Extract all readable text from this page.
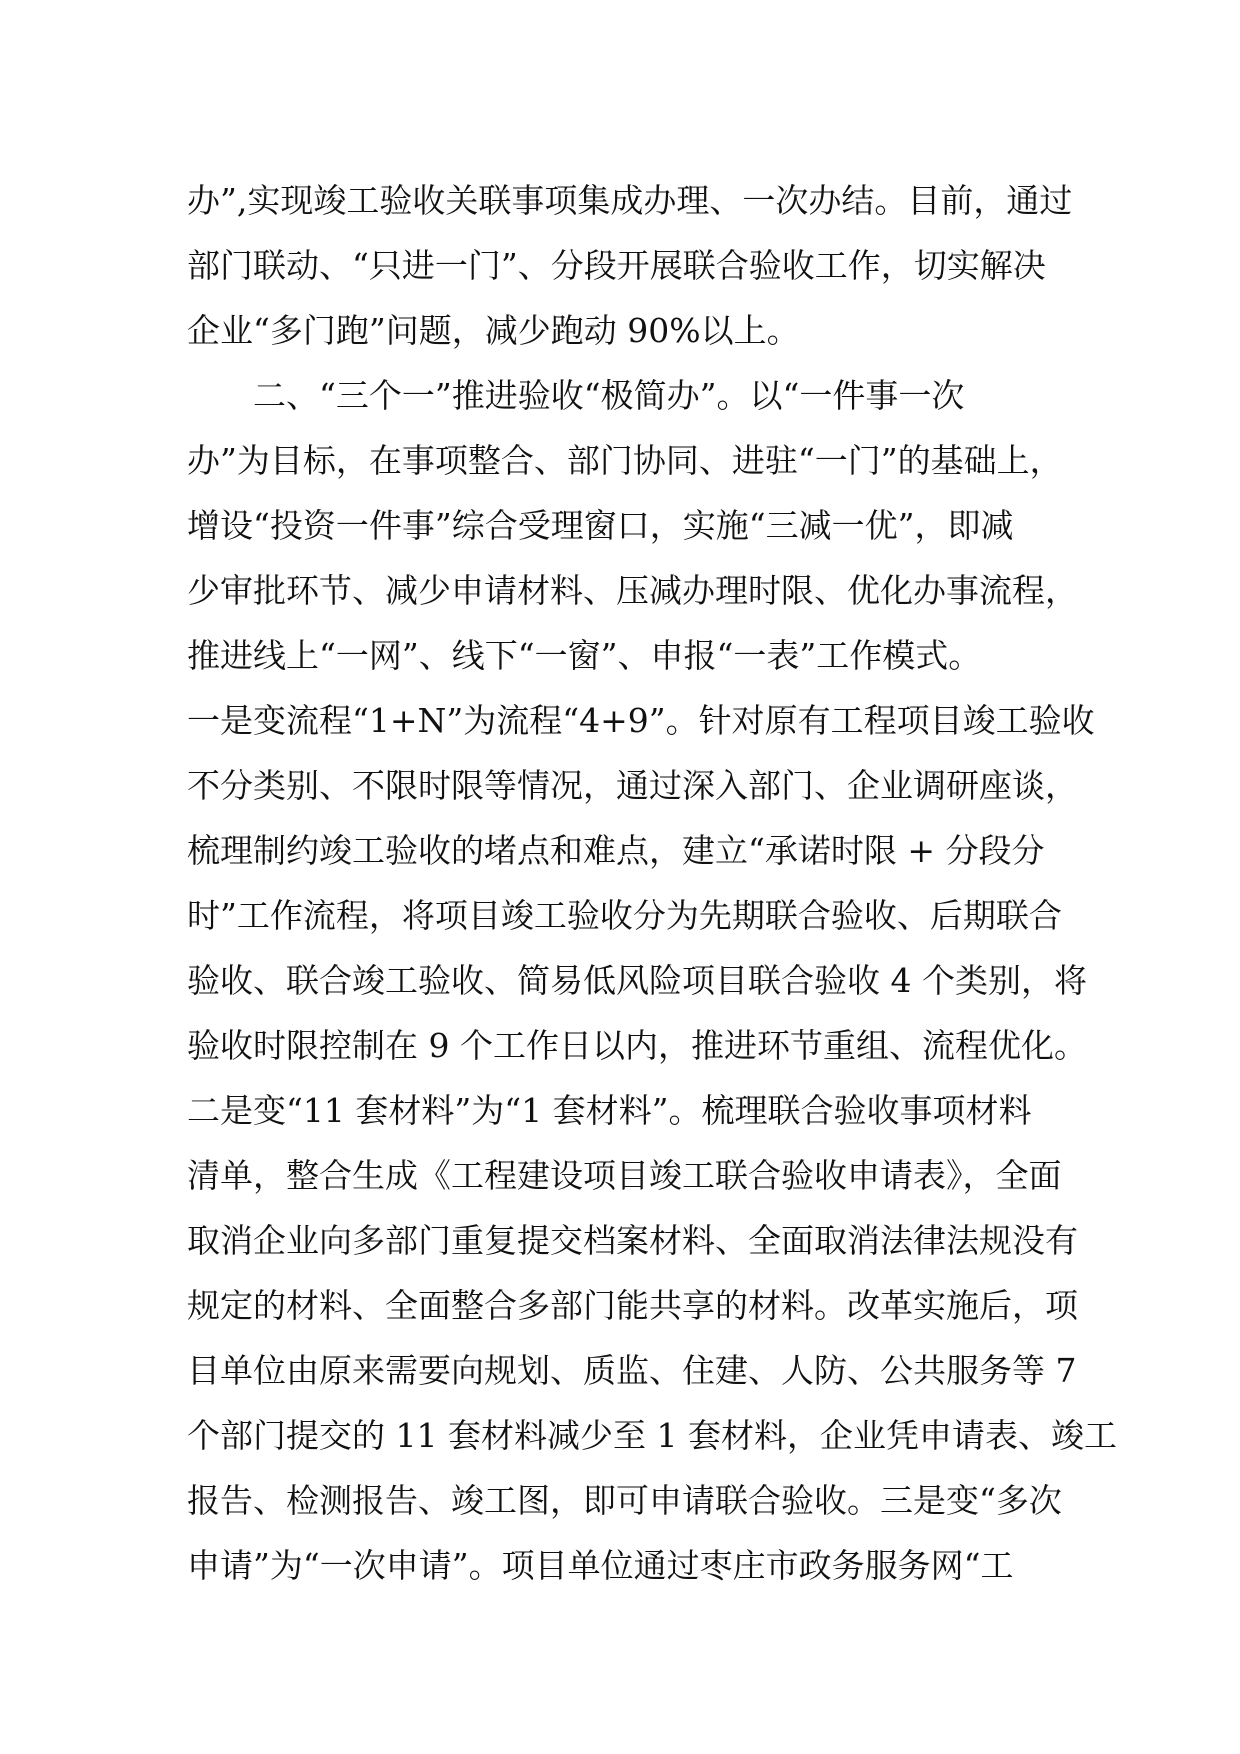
办”,实现竣工验收关联事项集成办理、一次办结。目前，通过
部门联动、“只进一门”、分段开展联合验收工作，切实解决
企业“多门跑”问题，减少跑动 90%以上。
　　二、“三个一”推进验收“极简办”。以“一件事一次
办”为目标，在事项整合、部门协同、进驻“一门”的基础上，
增设“投资一件事”综合受理窗口，实施“三减一优”，即减
少审批环节、减少申请材料、压减办理时限、优化办事流程，
推进线上“一网”、线下“一窗”、申报“一表”工作模式。
一是变流程“1+N”为流程“4+9”。针对原有工程项目竣工验收
不分类别、不限时限等情况，通过深入部门、企业调研座谈，
梳理制约竣工验收的堵点和难点，建立“承诺时限 + 分段分
时”工作流程，将项目竣工验收分为先期联合验收、后期联合
验收、联合竣工验收、简易低风险项目联合验收 4 个类别，将
验收时限控制在 9 个工作日以内，推进环节重组、流程优化。
二是变“11 套材料”为“1 套材料”。梳理联合验收事项材料
清单，整合生成《工程建设项目竣工联合验收申请表》，全面
取消企业向多部门重复提交档案材料、全面取消法律法规没有
规定的材料、全面整合多部门能共享的材料。改革实施后，项
目单位由原来需要向规划、质监、住建、人防、公共服务等 7
个部门提交的 11 套材料减少至 1 套材料，企业凭申请表、竣工
报告、检测报告、竣工图，即可申请联合验收。三是变“多次
申请”为“一次申请”。项目单位通过枣庄市政务服务网“工
